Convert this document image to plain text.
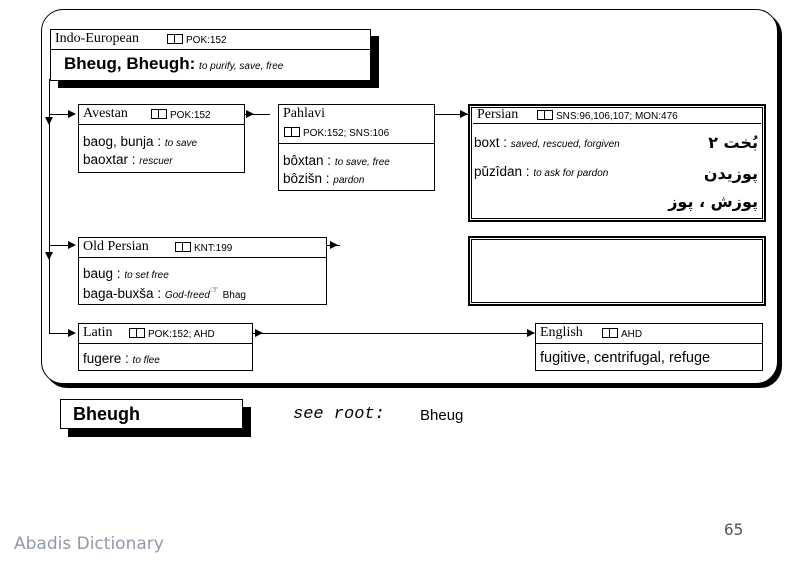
Indo-European	POK:152
Bheug, Bheugh: to purify, save, free
Avestan	POK:152
baog, bunja : to save
baoxtar : rescuer
Pahlavi
POK:152; SNS:106
bôxtan : to save, free
bôzišn : pardon
Persian	SNS:96,106,107; MON:476
boxt : saved, rescued, forgiven	بُخت ۲
pŭzîdan : to ask for pardon	پوزیدن
پوزش ، پوز
Old Persian	KNT:199
baug : to set free
baga-buxša : God-freed☞ Bhag
Latin	POK:152; AHD
fugere : to flee
English	AHD
fugitive, centrifugal, refuge
Bheugh	see root: Bheug
Abadis Dictionary
65
